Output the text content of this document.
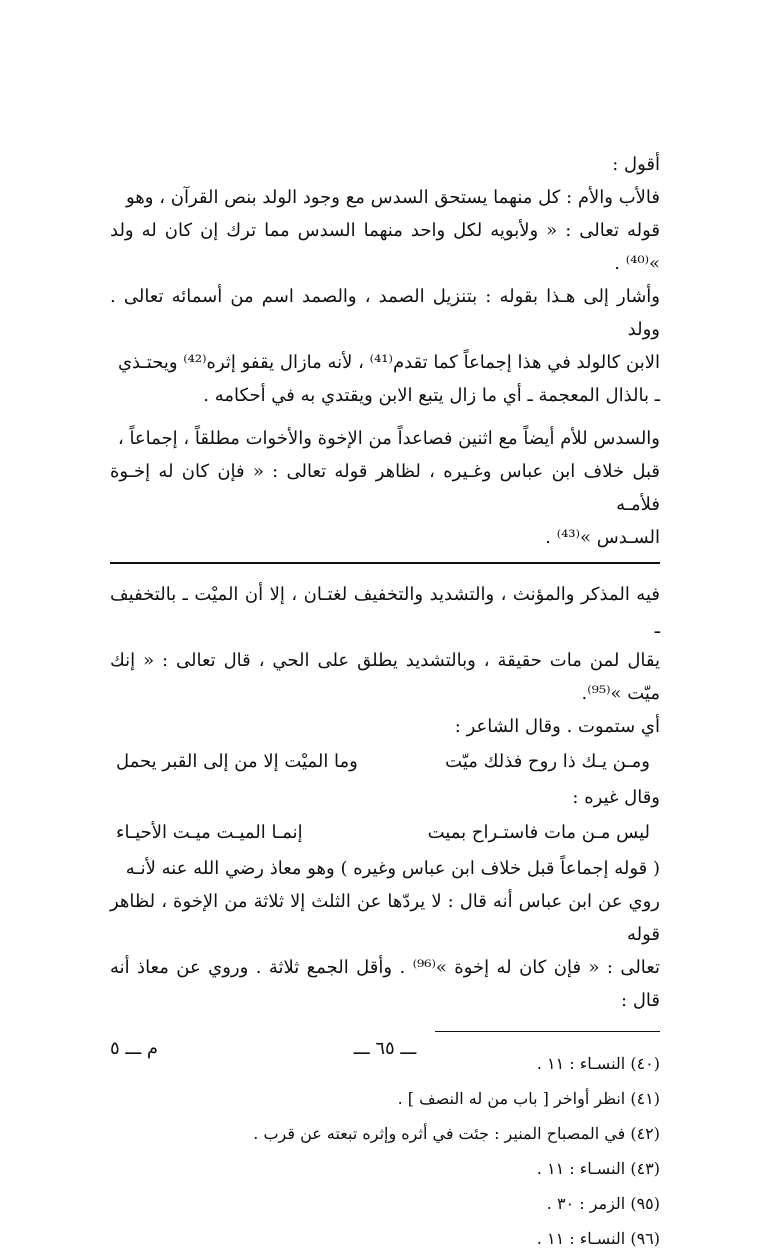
أقول :

فالأب والأم : كل منهما يستحق السدس مع وجود الولد بنص القرآن ، وهو

قوله تعالى : « ولأبويه لكل واحد منهما السدس مما ترك إن كان له ولد »⁽⁴⁰⁾ .

وأشار إلى هـذا بقوله : بتنزيل الصمد ، والصمد اسم من أسمائه تعالى . وولد

الابن كالولد في هذا إجماعاً كما تقدم⁽⁴¹⁾ ، لأنه مازال يقفو إثره⁽⁴²⁾ ويحتـذي

ـ بالذال المعجمة ـ أي ما زال يتبع الابن ويقتدي به في أحكامه .

والسدس للأم أيضاً مع اثنين فصاعداً من الإخوة والأخوات مطلقاً ، إجماعاً ،

قبل خلاف ابن عباس وغـيره ، لظاهر قوله تعالى : « فإن كان له إخـوة فلأمـه

السـدس »⁽⁴³⁾ .

فيه المذكر والمؤنث ، والتشديد والتخفيف لغتـان ، إلا أن الميْت ـ بالتخفيف ـ

يقال لمن مات حقيقة ، وبالتشديد يطلق على الحي ، قال تعالى : « إنك ميّت »⁽⁹⁵⁾.

أي ستموت . وقال الشاعر :

ومـن يـك ذا روح فذلك ميّت
وما الميْت إلا من إلى القبر يحمل

وقال غيره :

ليس مـن مات فاستـراح بميت
إنمـا الميـت ميـت الأحيـاء

( قوله إجماعاً قبل خلاف ابن عباس وغيره ) وهو معاذ رضي الله عنه لأنـه

روي عن ابن عباس أنه قال : لا يردّها عن الثلث إلا ثلاثة من الإخوة ، لظاهر قوله

تعالى : « فإن كان له إخوة »⁽⁹⁶⁾ . وأقل الجمع ثلاثة . وروي عن معاذ أنه قال :

(٤٠) النسـاء : ١١ .

(٤١) انظر أواخر [ باب من له النصف ] .

(٤٢) في المصباح المنير : جئت في أثره وإثره تبعته عن قرب .

(٤٣) النسـاء : ١١ .

(٩٥) الزمر : ٣٠ .

(٩٦) النسـاء : ١١ .

م ـــ ٥	ـــ ٦٥ ـــ
